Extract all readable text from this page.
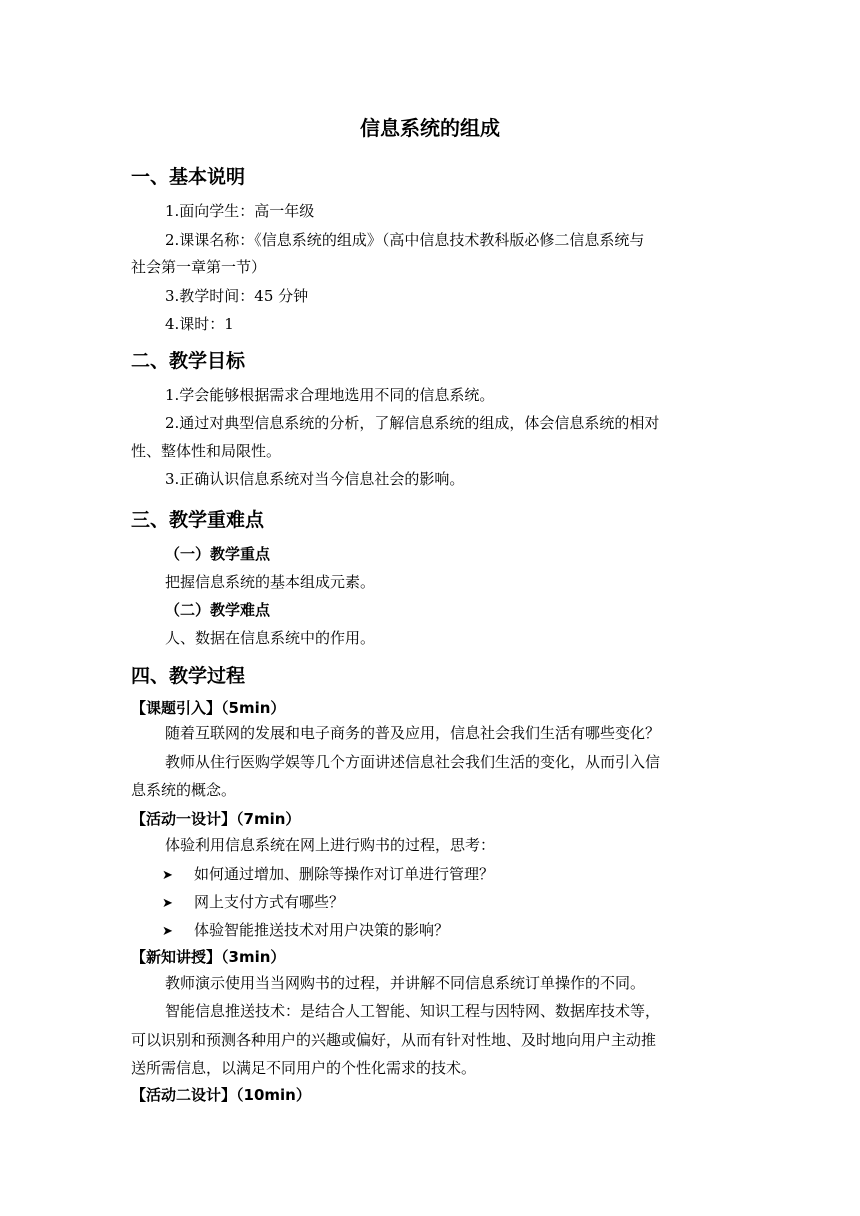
信息系统的组成
一、基本说明
1.面向学生：高一年级
2.课课名称：《信息系统的组成》（高中信息技术教科版必修二信息系统与
社会第一章第一节）
3.教学时间：45 分钟
4.课时：1
二、教学目标
1.学会能够根据需求合理地选用不同的信息系统。
2.通过对典型信息系统的分析，了解信息系统的组成，体会信息系统的相对
性、整体性和局限性。
3.正确认识信息系统对当今信息社会的影响。
三、教学重难点
（一）教学重点
把握信息系统的基本组成元素。
（二）教学难点
人、数据在信息系统中的作用。
四、教学过程
【课题引入】（5min）
随着互联网的发展和电子商务的普及应用，信息社会我们生活有哪些变化？
教师从住行医购学娱等几个方面讲述信息社会我们生活的变化，从而引入信
息系统的概念。
【活动一设计】（7min）
体验利用信息系统在网上进行购书的过程，思考：
➤ 如何通过增加、删除等操作对订单进行管理？
➤ 网上支付方式有哪些？
➤ 体验智能推送技术对用户决策的影响？
【新知讲授】（3min）
教师演示使用当当网购书的过程，并讲解不同信息系统订单操作的不同。
智能信息推送技术：是结合人工智能、知识工程与因特网、数据库技术等，
可以识别和预测各种用户的兴趣或偏好，从而有针对性地、及时地向用户主动推
送所需信息，以满足不同用户的个性化需求的技术。
【活动二设计】（10min）
